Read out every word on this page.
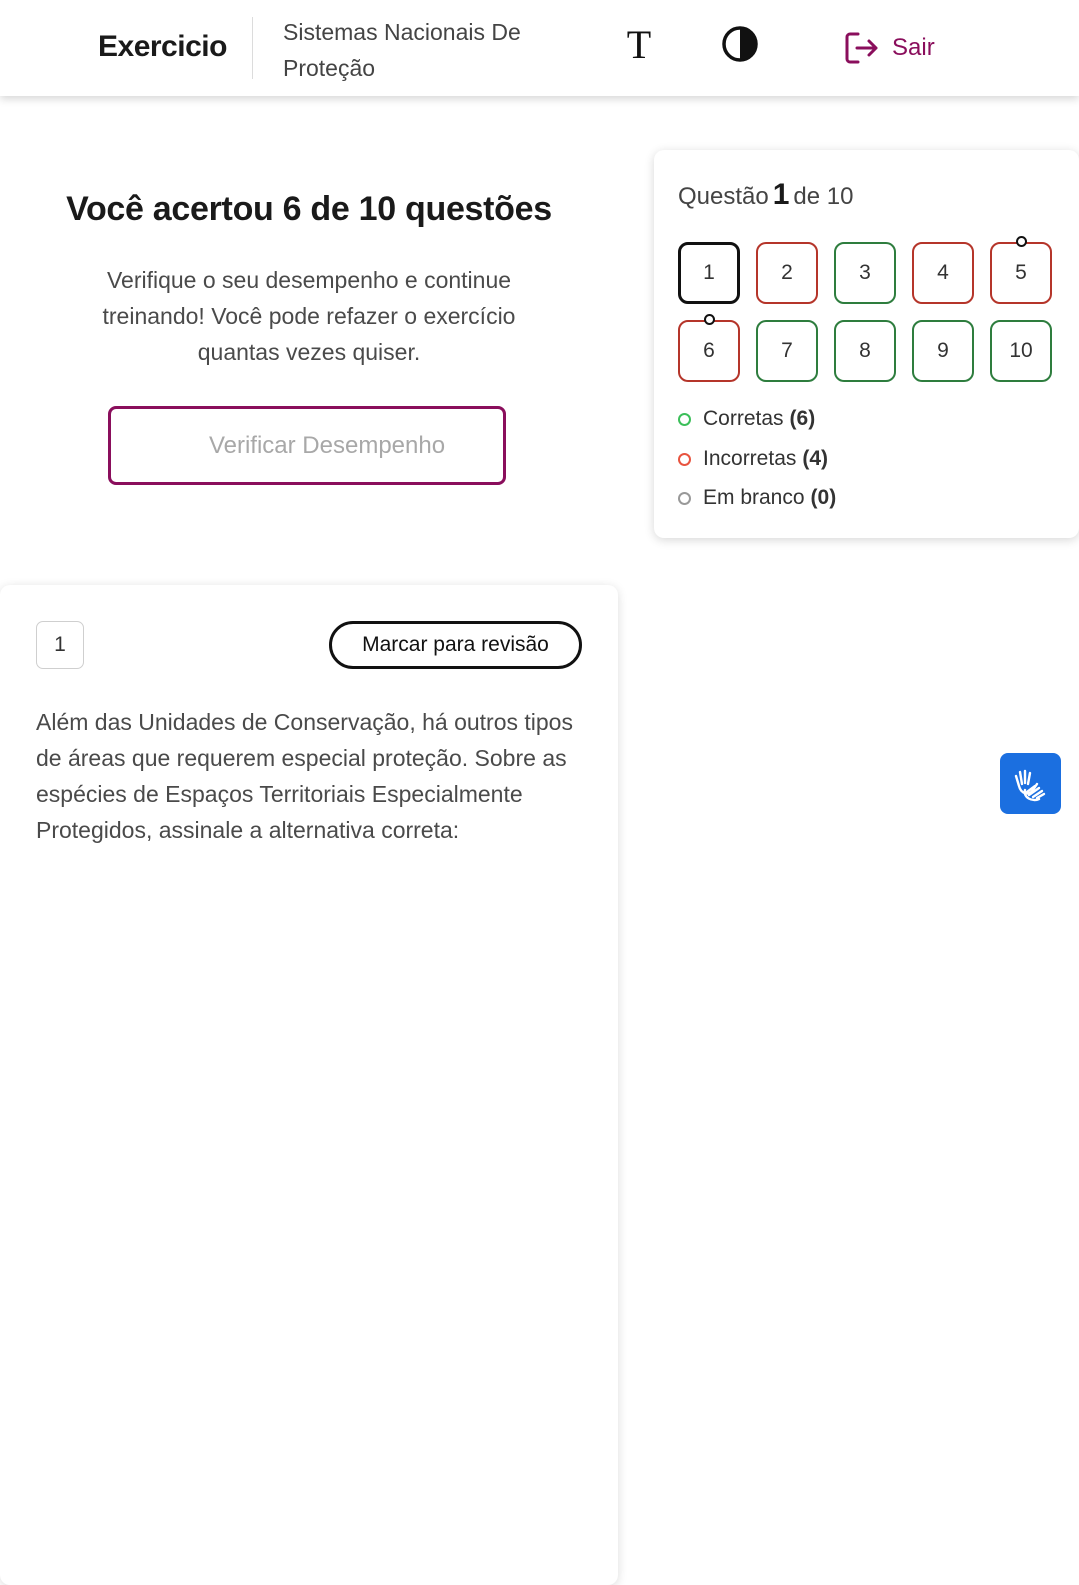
Exercicio Sistemas Nacionais De Proteção
T	Sair
Você acertou 6 de 10 questões
Verifique o seu desempenho e continue treinando! Você pode refazer o exercício quantas vezes quiser.
Verificar Desempenho
Questão 1 de 10
1	2	3	4	5
6	7	8	9	10
Corretas (6)
Incorretas (4)
Em branco (0)
1	Marcar para revisão
Além das Unidades de Conservação, há outros tipos de áreas que requerem especial proteção. Sobre as espécies de Espaços Territoriais Especialmente Protegidos, assinale a alternativa correta:
